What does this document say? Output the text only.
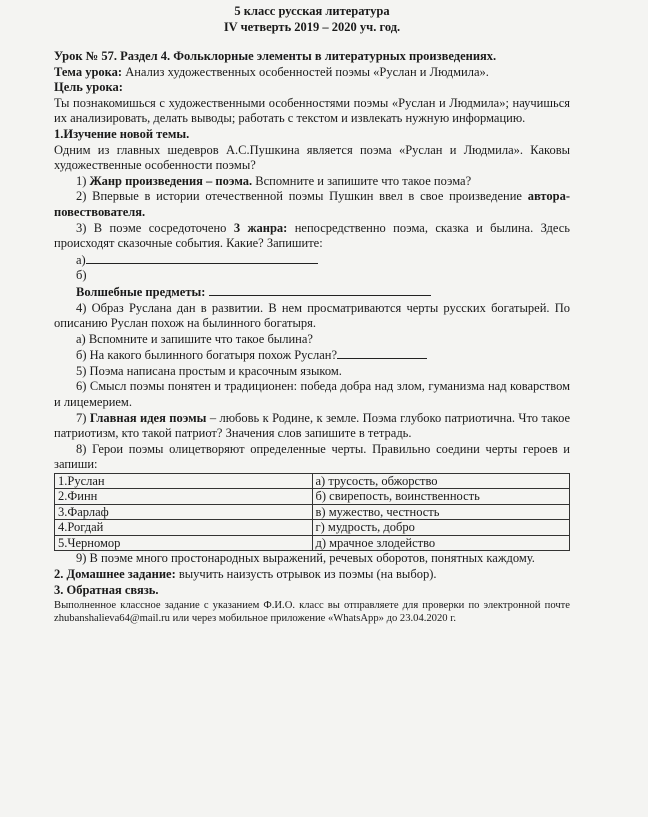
5 класс русская литература
IV четверть 2019 – 2020 уч. год.

Урок № 57. Раздел 4. Фольклорные элементы в литературных произведениях.

Тема урока: Анализ художественных особенностей поэмы «Руслан и Людмила».

Цель урока:

Ты познакомишься с художественными особенностями поэмы «Руслан и Людмила»; научишься их анализировать, делать выводы; работать с текстом и извлекать нужную информацию.

1.Изучение новой темы.

Одним из главных шедевров А.С.Пушкина является поэма «Руслан и Людмила». Каковы художественные особенности поэмы?

1) Жанр произведения – поэма. Вспомните и запишите что такое поэма?

2) Впервые в истории отечественной поэмы Пушкин ввел в свое произведение автора-повествователя.

3) В поэме сосредоточено 3 жанра: непосредственно поэма, сказка и былина. Здесь происходят сказочные события. Какие? Запишите:

а)

б)

Волшебные предметы:

4) Образ Руслана дан в развитии. В нем просматриваются черты русских богатырей. По описанию Руслан похож на былинного богатыря.

а) Вспомните и запишите что такое былина?

б) На какого былинного богатыря похож Руслан?

5) Поэма написана простым и красочным языком.

6) Смысл поэмы понятен и традиционен: победа добра над злом, гуманизма над коварством и лицемерием.

7) Главная идея поэмы – любовь к Родине, к земле. Поэма глубоко патриотична. Что такое патриотизм, кто такой патриот? Значения слов запишите в тетрадь.

8) Герои поэмы олицетворяют определенные черты. Правильно соедини черты героев и запиши:

1.Руслан	а) трусость, обжорство
2.Финн	б) свирепость, воинственность
3.Фарлаф	в) мужество, честность
4.Рогдай	г) мудрость, добро
5.Черномор	д) мрачное злодейство

9) В поэме много простонародных выражений, речевых оборотов, понятных каждому.

2. Домашнее задание: выучить наизусть отрывок из поэмы (на выбор).

3. Обратная связь.

Выполненное классное задание с указанием Ф.И.О. класс вы отправляете для проверки по электронной почте zhubanshalieva64@mail.ru или через мобильное приложение «WhatsApp» до 23.04.2020 г.
